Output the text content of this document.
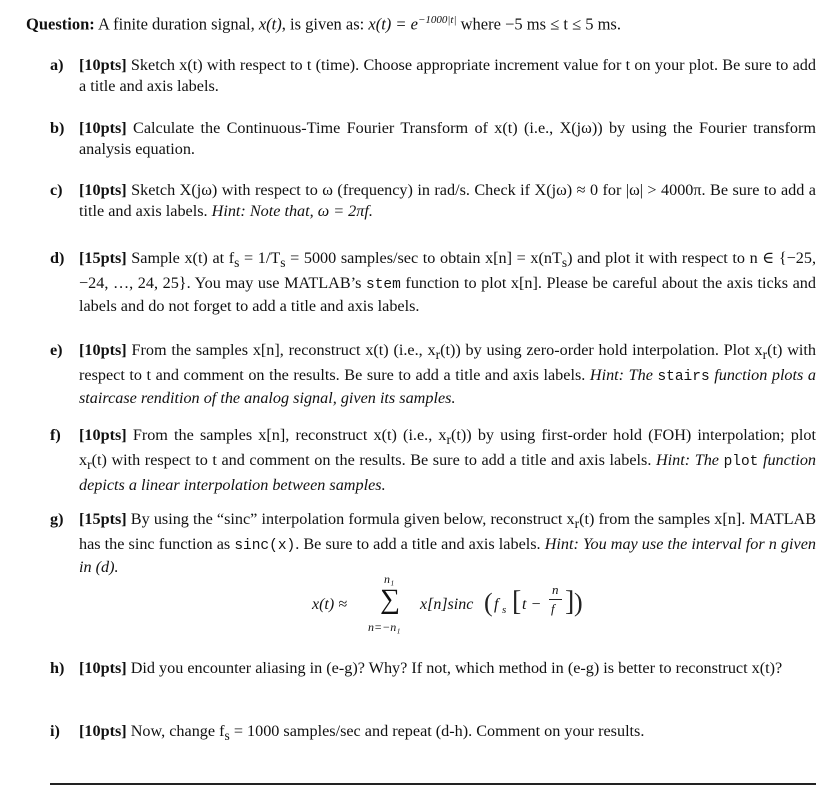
Question: A finite duration signal, x(t), is given as: $x(t) = e^{-1000|t|}$ where −5 ms ≤ t ≤ 5 ms.
a) [10pts] Sketch x(t) with respect to t (time). Choose appropriate increment value for t on your plot. Be sure to add a title and axis labels.
b) [10pts] Calculate the Continuous-Time Fourier Transform of x(t) (i.e., X(jω)) by using the Fourier transform analysis equation.
c) [10pts] Sketch X(jω) with respect to ω (frequency) in rad/s. Check if X(jω) ≈ 0 for |ω| > 4000π. Be sure to add a title and axis labels. Hint: Note that, ω = 2πf.
d) [15pts] Sample x(t) at $f_s = 1/T_s = 5000$ samples/sec to obtain $x[n] = x(nT_s)$ and plot it with respect to n ∈ {−25, −24, …, 24, 25}. You may use MATLAB’s stem function to plot x[n]. Please be careful about the axis ticks and labels and do not forget to add a title and axis labels.
e) [10pts] From the samples x[n], reconstruct x(t) (i.e., $x_r(t)$) by using zero-order hold interpolation. Plot $x_r(t)$ with respect to t and comment on the results. Be sure to add a title and axis labels. Hint: The stairs function plots a staircase rendition of the analog signal, given its samples.
f) [10pts] From the samples x[n], reconstruct x(t) (i.e., $x_r(t)$) by using first-order hold (FOH) interpolation; plot $x_r(t)$ with respect to t and comment on the results. Be sure to add a title and axis labels. Hint: The plot function depicts a linear interpolation between samples.
g) [15pts] By using the “sinc” interpolation formula given below, reconstruct $x_r(t)$ from the samples x[n]. MATLAB has the sinc function as sinc(x). Be sure to add a title and axis labels. Hint: You may use the interval for n given in (d).
x(t) ≈
n₁
∑
n=−n₁
x[n]sinc ( f s [ t −
n
f ] )
h) [10pts] Did you encounter aliasing in (e-g)? Why? If not, which method in (e-g) is better to reconstruct x(t)?
i) [10pts] Now, change $f_s = 1000$ samples/sec and repeat (d-h). Comment on your results.
